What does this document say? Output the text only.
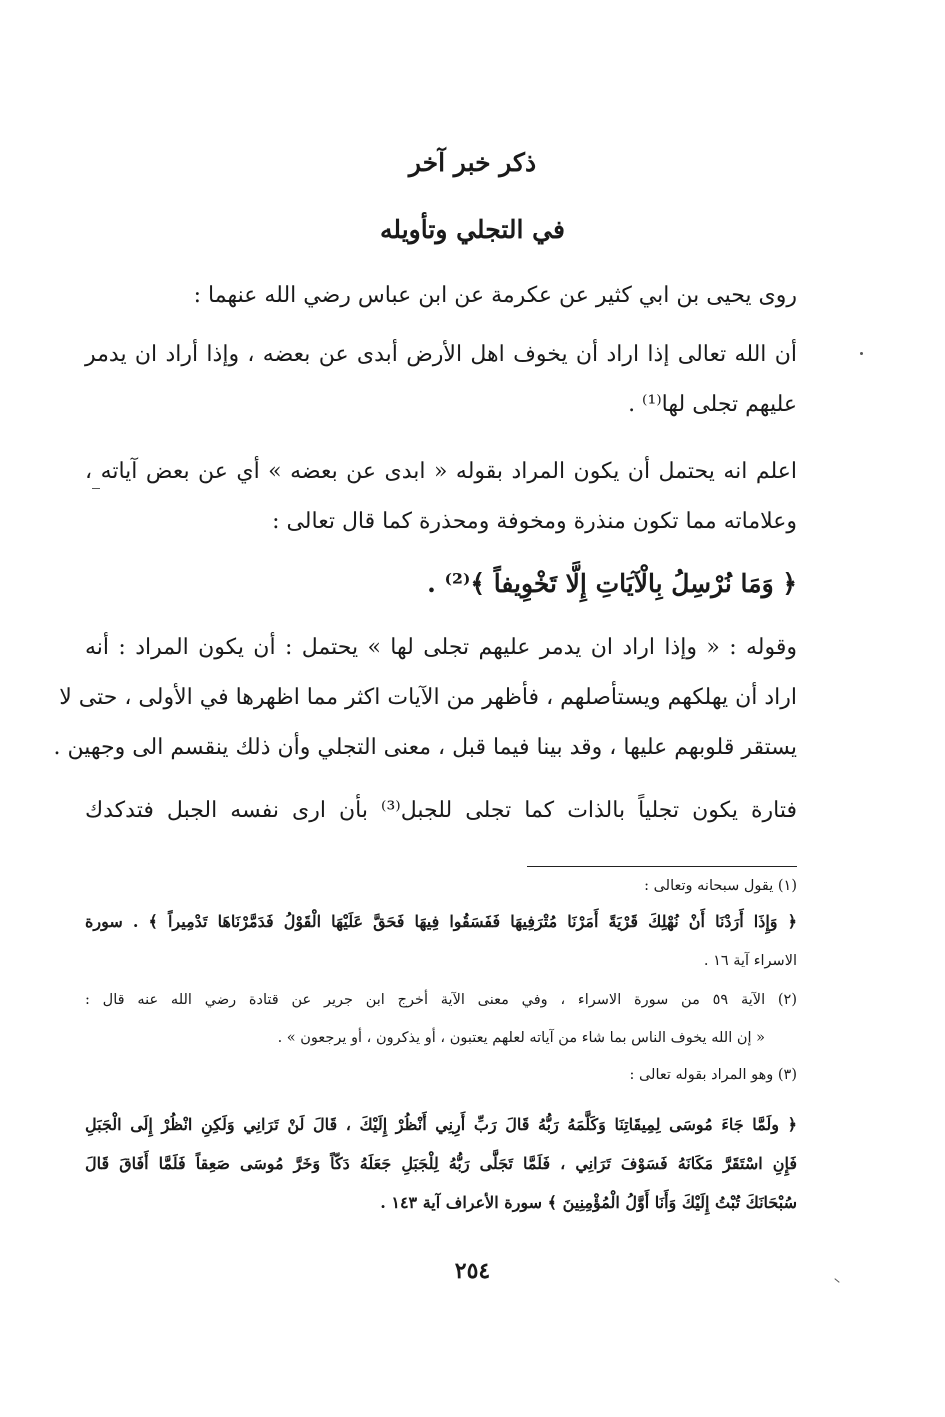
ذكر خبر آخر
في التجلي وتأويله
روى يحيى بن ابي كثير عن عكرمة عن ابن عباس رضي الله عنهما :
أن الله تعالى إذا اراد أن يخوف اهل الأرض أبدى عن بعضه ، وإذا أراد ان يدمر
عليهم تجلى لها⁽¹⁾ .
اعلم انه يحتمل أن يكون المراد بقوله « ابدى عن بعضه » أي عن بعض آياته ،
وعلاماته مما تكون منذرة ومخوفة ومحذرة كما قال تعالى :
﴿ وَمَا نُرْسِلُ بِالْآيَاتِ إِلَّا تَخْوِيفاً ﴾⁽²⁾ .
وقوله : « وإذا اراد ان يدمر عليهم تجلى لها » يحتمل : أن يكون المراد : أنه
اراد أن يهلكهم ويستأصلهم ، فأظهر من الآيات اكثر مما اظهرها في الأولى ، حتى لا
يستقر قلوبهم عليها ، وقد بينا فيما قبل ، معنى التجلي وأن ذلك ينقسم الى وجهين .
فتارة يكون تجلياً بالذات كما تجلى للجبل⁽³⁾ بأن ارى نفسه الجبل فتدكدك
(١) يقول سبحانه وتعالى :
﴿ وَإِذَا أَرَدْنَا أَنْ نُهْلِكَ قَرْيَةً أَمَرْنَا مُتْرَفِيهَا فَفَسَقُوا فِيهَا فَحَقَّ عَلَيْهَا الْقَوْلُ فَدَمَّرْنَاهَا تَدْمِيراً ﴾ . سورة
الاسراء آية ١٦ .
(٢) الآية ٥٩ من سورة الاسراء ، وفي معنى الآية أخرج ابن جرير عن قتادة رضي الله عنه قال :
« إن الله يخوف الناس بما شاء من آياته لعلهم يعتبون ، أو يذكرون ، أو يرجعون » .
(٣) وهو المراد بقوله تعالى :
﴿ ولَمَّا جَاءَ مُوسَى لِمِيقَاتِنَا وَكَلَّمَهُ رَبُّهُ قَالَ رَبِّ أَرِنِي أَنْظُرْ إِلَيْكَ ، قَالَ لَنْ تَرَانِي وَلَكِنِ انْظُرْ إِلَى الْجَبَلِ
فَإِنِ اسْتَقَرَّ مَكَانَهُ فَسَوْفَ تَرَانِي ، فَلَمَّا تَجَلَّى رَبُّهُ لِلْجَبَلِ جَعَلَهُ دَكّاً وَخَرَّ مُوسَى صَعِقاً فَلَمَّا أَفَاقَ قَالَ
سُبْحَانَكَ تُبْتُ إِلَيْكَ وَأَنَا أَوَّلُ الْمُؤْمِنِينَ ﴾ سورة الأعراف آية ١٤٣ .
٢٥٤
